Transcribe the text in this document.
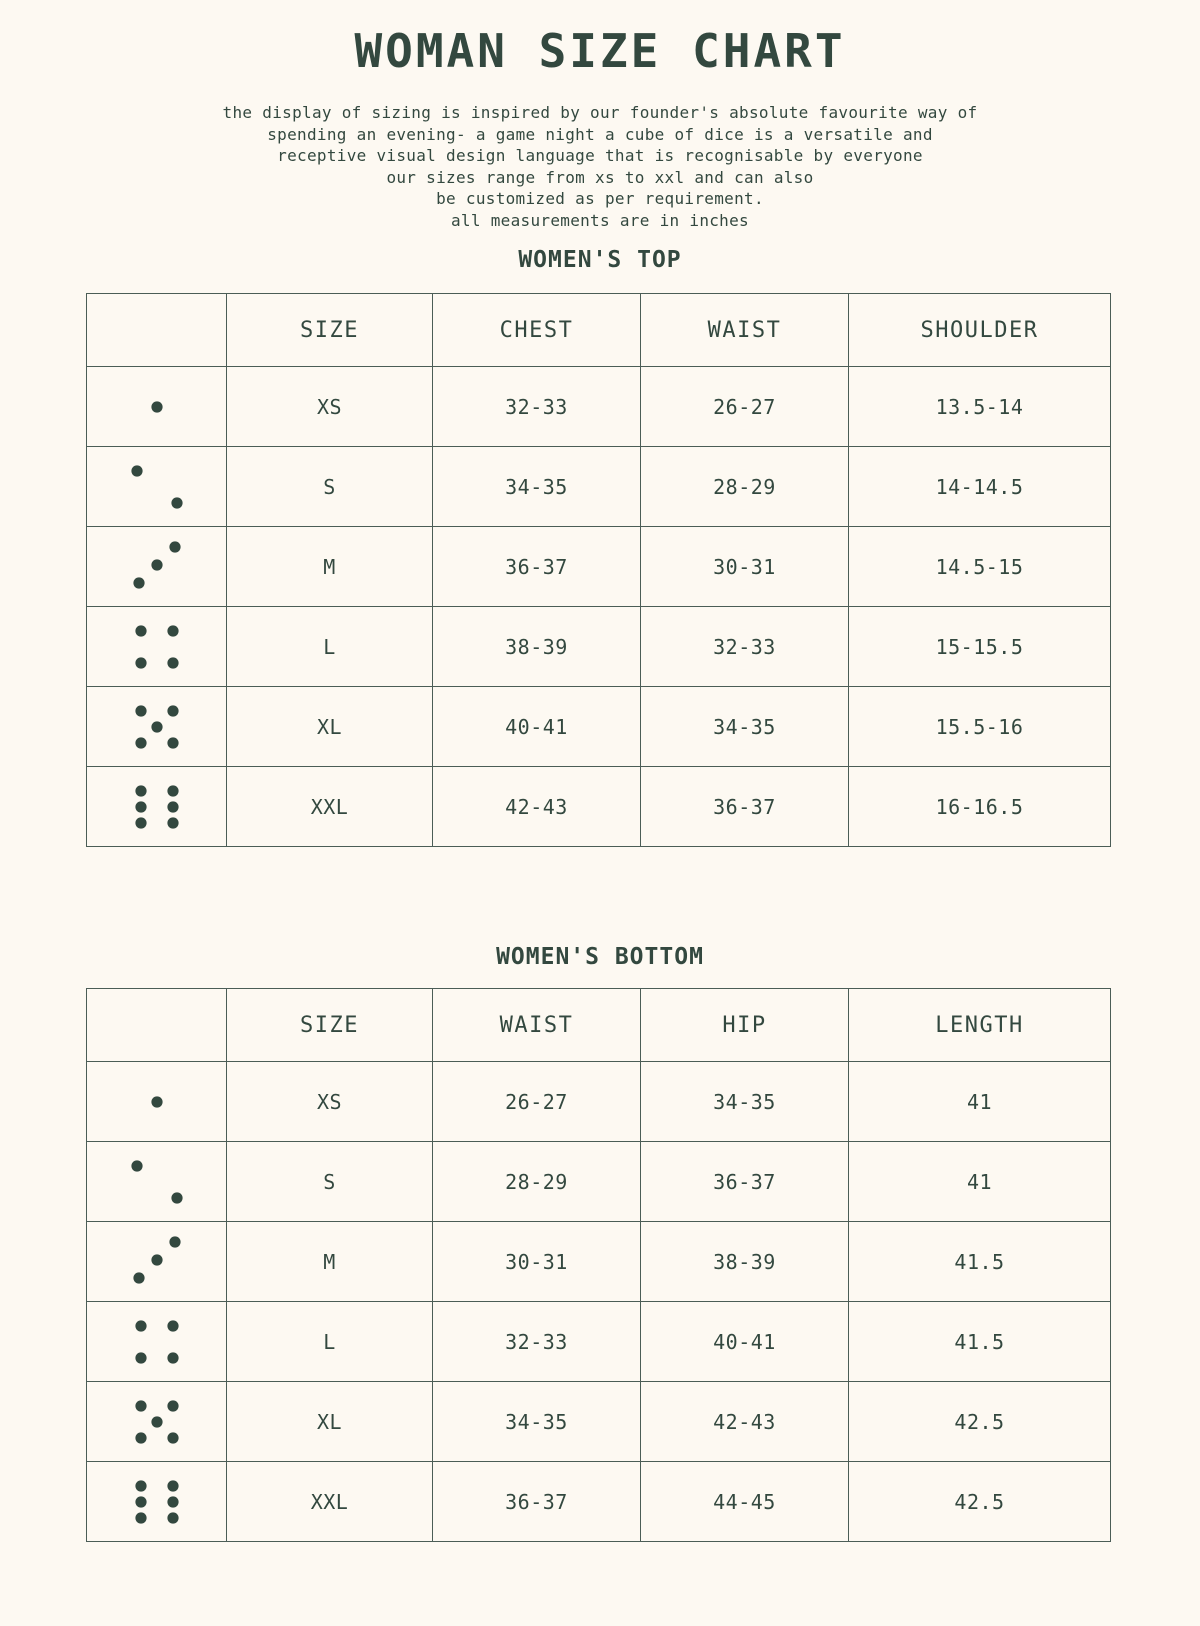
WOMAN SIZE CHART
the display of sizing is inspired by our founder's absolute favourite way of
spending an evening- a game night a cube of dice is a versatile and
receptive visual design language that is recognisable by everyone
our sizes range from xs to xxl and can also
be customized as per requirement.
all measurements are in inches
WOMEN'S TOP
	SIZE	CHEST	WAIST	SHOULDER

	XS	32-33	26-27	13.5-14

	S	34-35	28-29	14-14.5

	M	36-37	30-31	14.5-15

	L	38-39	32-33	15-15.5

	XL	40-41	34-35	15.5-16

	XXL	42-43	36-37	16-16.5
WOMEN'S BOTTOM
	SIZE	WAIST	HIP	LENGTH

	XS	26-27	34-35	41

	S	28-29	36-37	41

	M	30-31	38-39	41.5

	L	32-33	40-41	41.5

	XL	34-35	42-43	42.5

	XXL	36-37	44-45	42.5
